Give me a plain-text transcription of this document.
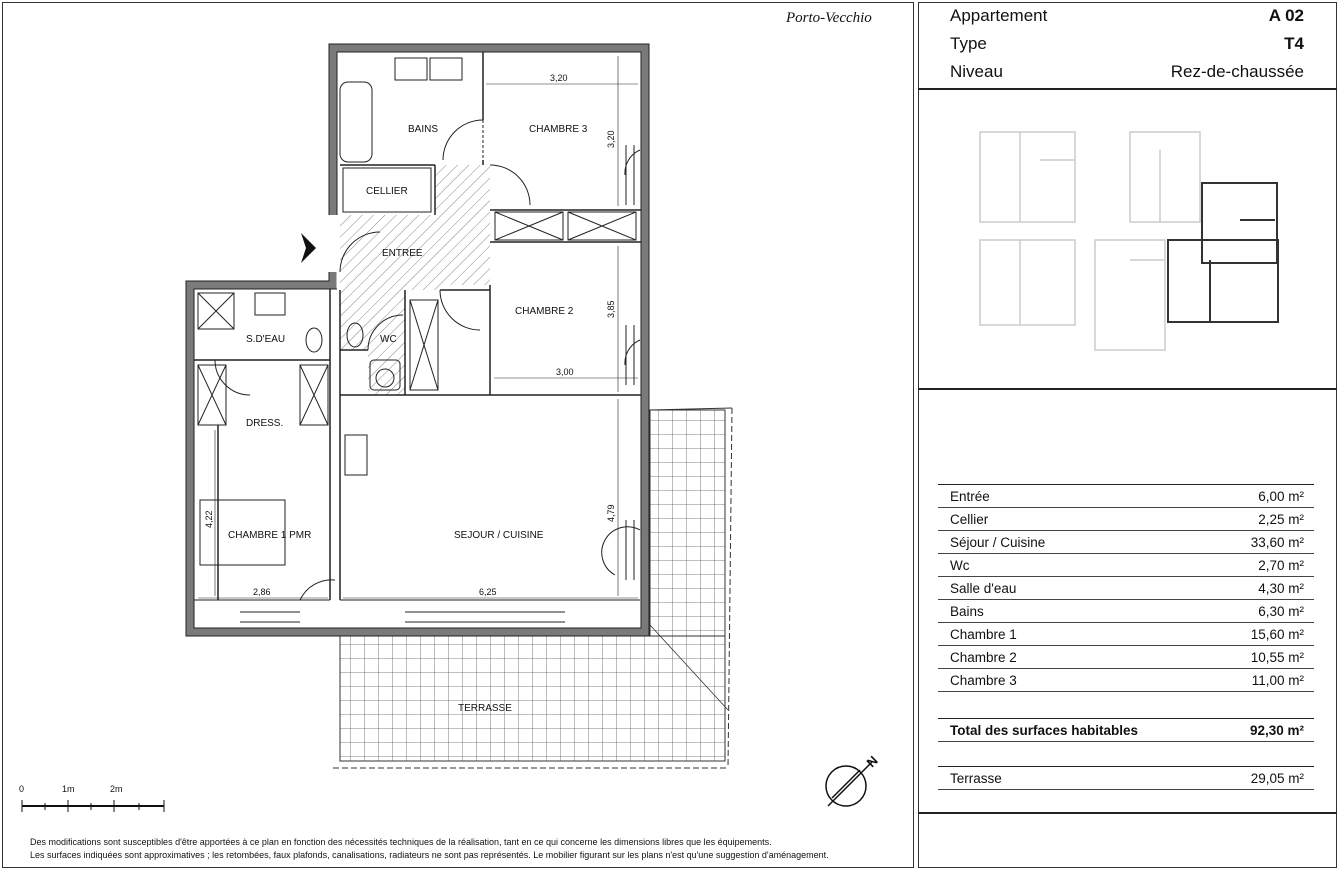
Porto-Vecchio
BAINS	CHAMBRE 3
CELLIER
ENTREE
CHAMBRE 2
S.D'EAU	WC
DRESS.
CHAMBRE 1 PMR	SEJOUR / CUISINE
TERRASSE
3,20
3,20
3,85
3,00
4,79
4,22
2,86	6,25
0	1m	2m
N
Appartement	A 02
Type	T4
Niveau	Rez-de-chaussée
Entrée	6,00 m²
Cellier	2,25 m²
Séjour / Cuisine	33,60 m²
Wc	2,70 m²
Salle d'eau	4,30 m²
Bains	6,30 m²
Chambre 1	15,60 m²
Chambre 2	10,55 m²
Chambre 3	11,00 m²
Total des surfaces habitables	92,30 m²
Terrasse	29,05 m²
Des modifications sont susceptibles d'être apportées à ce plan en fonction des nécessités techniques de la réalisation, tant en ce qui concerne les dimensions libres que les équipements.
Les surfaces indiquées sont approximatives ; les retombées, faux plafonds, canalisations, radiateurs ne sont pas représentés. Le mobilier figurant sur les plans n'est qu'une suggestion d'aménagement.
